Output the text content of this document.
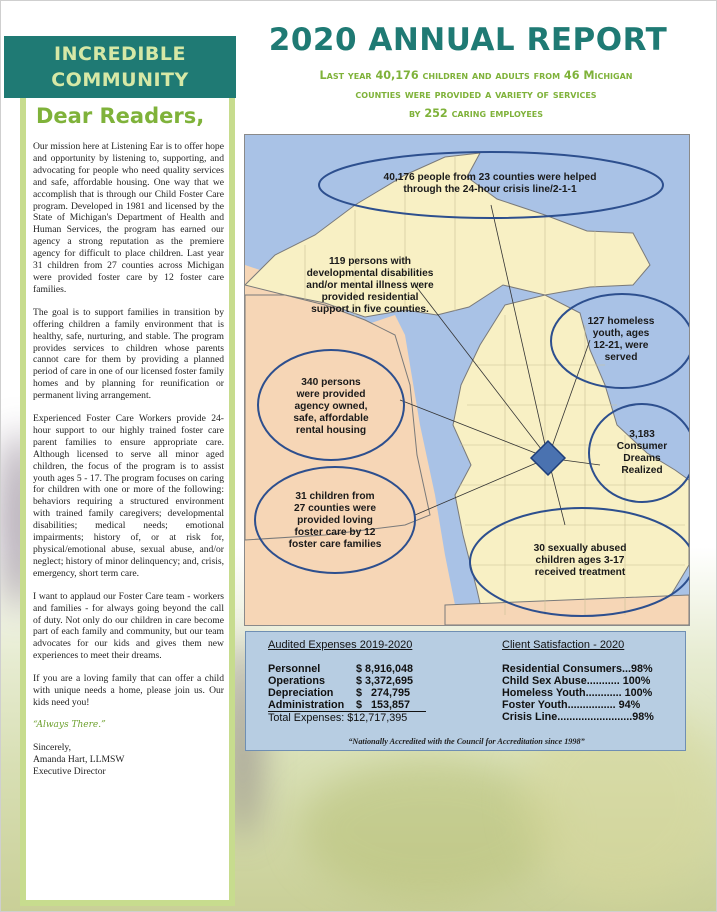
INCREDIBLE
COMMUNITY
Dear Readers,

Our mission here at Listening Ear is to offer hope and opportunity by listening to, supporting, and advocating for people who need quality services and safe, affordable housing. One way that we accomplish that is through our Child Foster Care program. Developed in 1981 and licensed by the State of Michigan's Department of Health and Human Services, the program has earned our agency a strong reputation as the premiere agency for difficult to place children. Last year 31 children from 27 counties across Michigan were provided foster care by 12 foster care families.

The goal is to support families in transition by offering children a family environment that is healthy, safe, nurturing, and stable. The program provides services to children whose parents cannot care for them by providing a planned period of care in one of our licensed foster family homes and by planning for reunification or permanent living arrangement.

Experienced Foster Care Workers provide 24-hour support to our highly trained foster care parent families to ensure appropriate care. Although licensed to serve all minor aged children, the focus of the program is to assist youth ages 5 - 17. The program focuses on caring for children with one or more of the following: behaviors requiring a structured environment with trained family caregivers; developmental disabilities; medical needs; emotional impairments; history of, or at risk for, physical/emotional abuse, sexual abuse, and/or neglect; history of minor delinquency; and, crisis, emergency, short term care.

I want to applaud our Foster Care team - workers and families - for always going beyond the call of duty. Not only do our children in care become part of each family and community, but our team advocates for our kids and gives them new experiences to meet their dreams.

If you are a loving family that can offer a child with unique needs a home, please join us. Our kids need you!

“Always There.”

Sincerely,

Amanda Hart, LLMSW

Executive Director

2020 ANNUAL REPORT
Last year 40,176 children and adults from 46 Michigan
counties were provided a variety of services
by 252 caring employees
40,176 people from 23 counties were helped
through the 24-hour crisis line/2-1-1
119 persons with
developmental disabilities
and/or mental illness were
provided residential
support in five counties.
127 homeless
youth, ages
12-21, were
served
340 persons
were provided
agency owned,
safe, affordable
rental housing	3,183
Consumer
Dreams
Realized
31 children from
27 counties were
provided loving
foster care by 12
foster care families	30 sexually abused
children ages 3-17
received treatment
Audited Expenses 2019-2020	Client Satisfaction - 2020
Personnel	$ 8,916,048
Operations	$ 3,372,695
Depreciation $   274,795
Administration $   153,857
Total Expenses: $12,717,395
Residential Consumers...98%
Child Sex Abuse........... 100%
Homeless Youth............ 100%
Foster Youth................ 94%
Crisis Line.........................98%
“Nationally Accredited with the Council for Accreditation since 1998”
